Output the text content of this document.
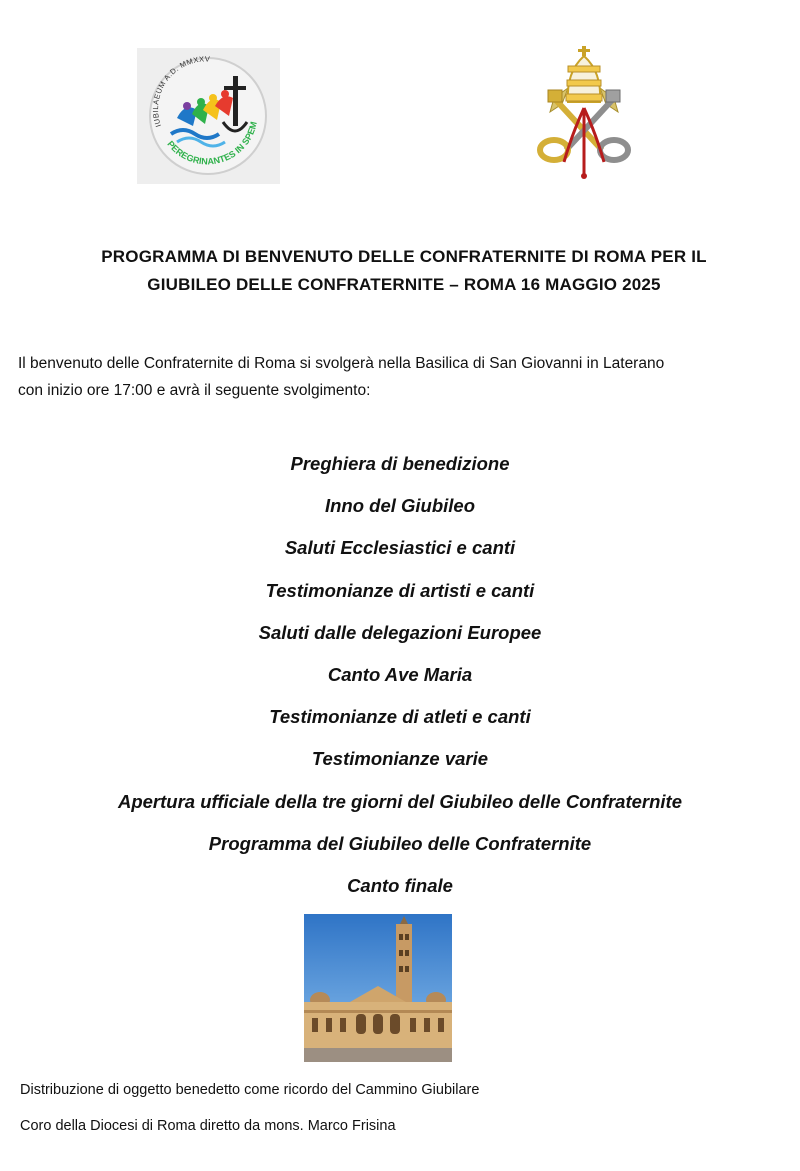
IUBILAEUM A.D. MMXXV
PEREGRINANTES IN SPEM
PROGRAMMA DI BENVENUTO DELLE CONFRATERNITE DI ROMA PER IL
GIUBILEO DELLE CONFRATERNITE – ROMA 16 MAGGIO 2025
Il benvenuto delle Confraternite di Roma si svolgerà nella Basilica di San Giovanni in Laterano
con inizio ore 17:00 e avrà il seguente svolgimento:
Preghiera di benedizione
Inno del Giubileo
Saluti Ecclesiastici e canti
Testimonianze di artisti e canti
Saluti dalle delegazioni Europee
Canto Ave Maria
Testimonianze di atleti e canti
Testimonianze varie
Apertura ufficiale della tre giorni del Giubileo delle Confraternite
Programma del Giubileo delle Confraternite
Canto finale
Distribuzione di oggetto benedetto come ricordo del Cammino Giubilare
Coro della Diocesi di Roma diretto da mons. Marco Frisina
